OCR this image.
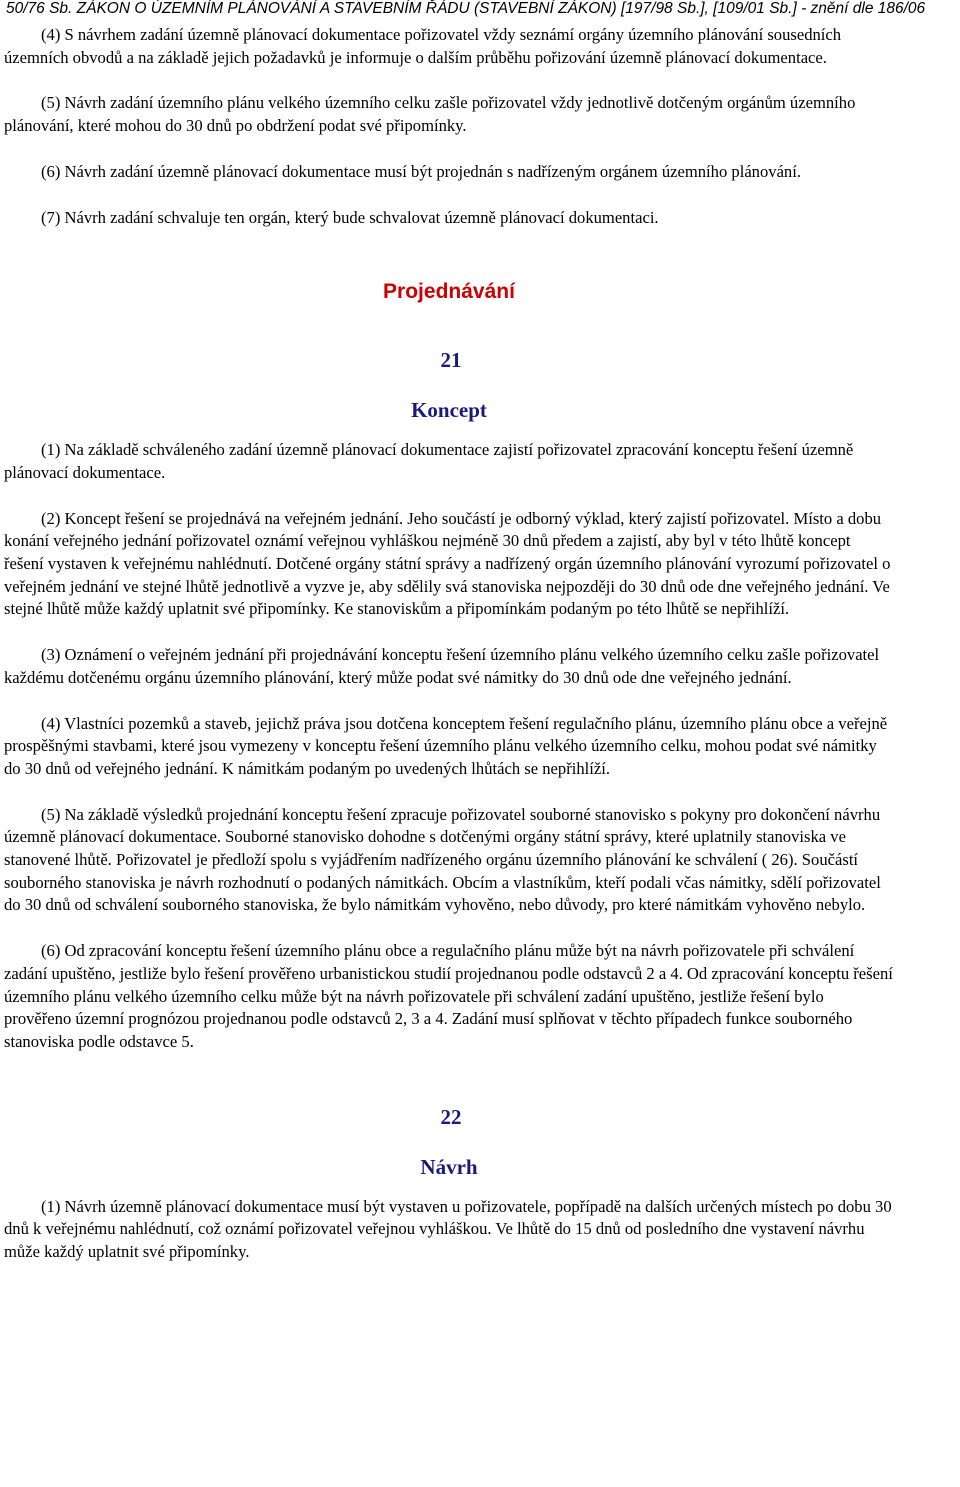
50/76 Sb. ZÁKON O ÚZEMNÍM PLÁNOVÁNÍ A STAVEBNÍM ŘÁDU (STAVEBNÍ ZÁKON) [197/98 Sb.], [109/01 Sb.] - znění dle 186/06

(4) S návrhem zadání územně plánovací dokumentace pořizovatel vždy seznámí orgány územního plánování sousedních územních obvodů a na základě jejich požadavků je informuje o dalším průběhu pořizování územně plánovací dokumentace.

(5) Návrh zadání územního plánu velkého územního celku zašle pořizovatel vždy jednotlivě dotčeným orgánům územního plánování, které mohou do 30 dnů po obdržení podat své připomínky.

(6) Návrh zadání územně plánovací dokumentace musí být projednán s nadřízeným orgánem územního plánování.

(7) Návrh zadání schvaluje ten orgán, který bude schvalovat územně plánovací dokumentaci.

Projednávání
21
Koncept

(1) Na základě schváleného zadání územně plánovací dokumentace zajistí pořizovatel zpracování konceptu řešení územně plánovací dokumentace.

(2) Koncept řešení se projednává na veřejném jednání. Jeho součástí je odborný výklad, který zajistí pořizovatel. Místo a dobu konání veřejného jednání pořizovatel oznámí veřejnou vyhláškou nejméně 30 dnů předem a zajistí, aby byl v této lhůtě koncept řešení vystaven k veřejnému nahlédnutí. Dotčené orgány státní správy a nadřízený orgán územního plánování vyrozumí pořizovatel o veřejném jednání ve stejné lhůtě jednotlivě a vyzve je, aby sdělily svá stanoviska nejpozději do 30 dnů ode dne veřejného jednání. Ve stejné lhůtě může každý uplatnit své připomínky. Ke stanoviskům a připomínkám podaným po této lhůtě se nepřihlíží.

(3) Oznámení o veřejném jednání při projednávání konceptu řešení územního plánu velkého územního celku zašle pořizovatel každému dotčenému orgánu územního plánování, který může podat své námitky do 30 dnů ode dne veřejného jednání.

(4) Vlastníci pozemků a staveb, jejichž práva jsou dotčena konceptem řešení regulačního plánu, územního plánu obce a veřejně prospěšnými stavbami, které jsou vymezeny v konceptu řešení územního plánu velkého územního celku, mohou podat své námitky do 30 dnů od veřejného jednání. K námitkám podaným po uvedených lhůtách se nepřihlíží.

(5) Na základě výsledků projednání konceptu řešení zpracuje pořizovatel souborné stanovisko s pokyny pro dokončení návrhu územně plánovací dokumentace. Souborné stanovisko dohodne s dotčenými orgány státní správy, které uplatnily stanoviska ve stanovené lhůtě. Pořizovatel je předloží spolu s vyjádřením nadřízeného orgánu územního plánování ke schválení ( 26). Součástí souborného stanoviska je návrh rozhodnutí o podaných námitkách. Obcím a vlastníkům, kteří podali včas námitky, sdělí pořizovatel do 30 dnů od schválení souborného stanoviska, že bylo námitkám vyhověno, nebo důvody, pro které námitkám vyhověno nebylo.

(6) Od zpracování konceptu řešení územního plánu obce a regulačního plánu může být na návrh pořizovatele při schválení zadání upuštěno, jestliže bylo řešení prověřeno urbanistickou studií projednanou podle odstavců 2 a 4. Od zpracování konceptu řešení územního plánu velkého územního celku může být na návrh pořizovatele při schválení zadání upuštěno, jestliže řešení bylo prověřeno územní prognózou projednanou podle odstavců 2, 3 a 4. Zadání musí splňovat v těchto případech funkce souborného stanoviska podle odstavce 5.

22
Návrh

(1) Návrh územně plánovací dokumentace musí být vystaven u pořizovatele, popřípadě na dalších určených místech po dobu 30 dnů k veřejnému nahlédnutí, což oznámí pořizovatel veřejnou vyhláškou. Ve lhůtě do 15 dnů od posledního dne vystavení návrhu může každý uplatnit své připomínky.
